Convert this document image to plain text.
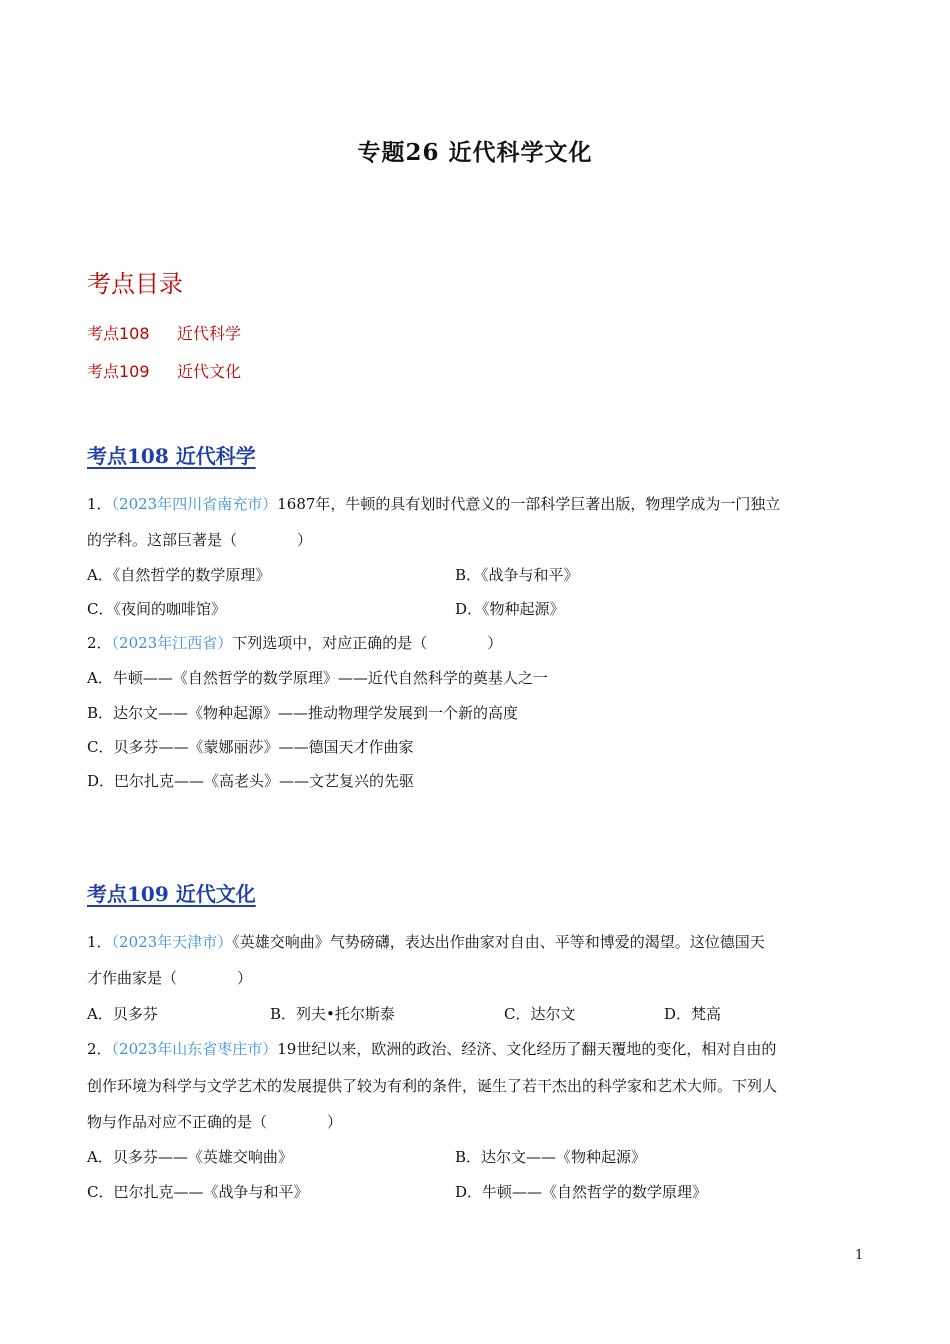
专题26 近代科学文化
考点目录
考点108 近代科学
考点109 近代文化
考点108 近代科学
1．（2023年四川省南充市）1687年，牛顿的具有划时代意义的一部科学巨著出版，物理学成为一门独立
的学科。这部巨著是（　　　　）
A．《自然哲学的数学原理》	B．《战争与和平》
C．《夜间的咖啡馆》	D．《物种起源》
2．（2023年江西省）下列选项中，对应正确的是（　　　　）
A．牛顿——《自然哲学的数学原理》——近代自然科学的奠基人之一
B．达尔文——《物种起源》——推动物理学发展到一个新的高度
C．贝多芬——《蒙娜丽莎》——德国天才作曲家
D．巴尔扎克——《高老头》——文艺复兴的先驱
考点109 近代文化
1．（2023年天津市）《英雄交响曲》气势磅礴，表达出作曲家对自由、平等和博爱的渴望。这位德国天
才作曲家是（　　　　）
A．贝多芬	B．列夫•托尔斯泰	C．达尔文	D．梵高
2．（2023年山东省枣庄市）19世纪以来，欧洲的政治、经济、文化经历了翻天覆地的变化，相对自由的
创作环境为科学与文学艺术的发展提供了较为有利的条件，诞生了若干杰出的科学家和艺术大师。下列人
物与作品对应不正确的是（　　　　）
A．贝多芬——《英雄交响曲》	B．达尔文——《物种起源》
C．巴尔扎克——《战争与和平》	D．牛顿——《自然哲学的数学原理》
1
